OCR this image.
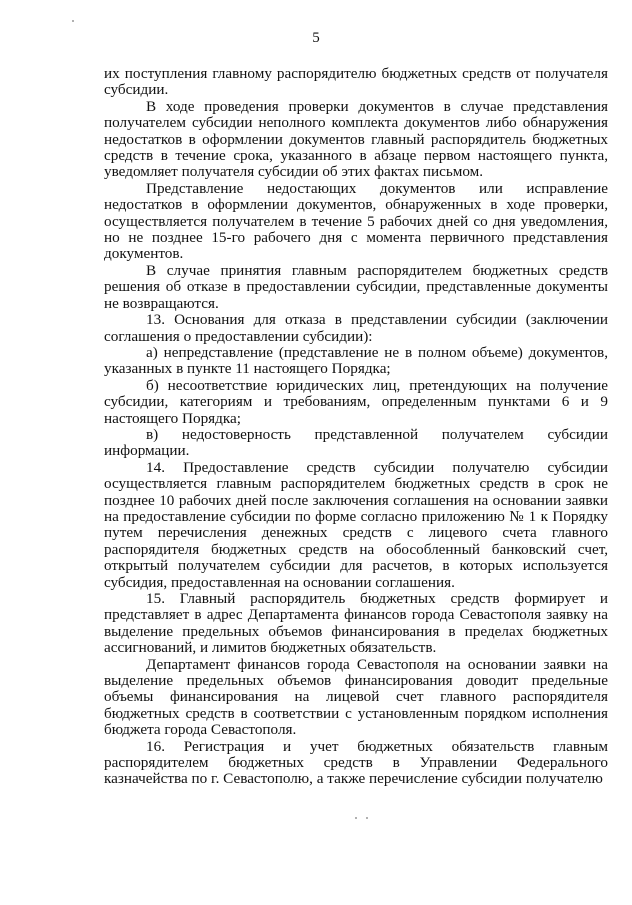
5

их поступления главному распорядителю бюджетных средств от получателя субсидии.

В ходе проведения проверки документов в случае представления получателем субсидии неполного комплекта документов либо обнаружения недостатков в оформлении документов главный распорядитель бюджетных средств в течение срока, указанного в абзаце первом настоящего пункта, уведомляет получателя субсидии об этих фактах письмом.

Представление недостающих документов или исправление недостатков в оформлении документов, обнаруженных в ходе проверки, осуществляется получателем в течение 5 рабочих дней со дня уведомления, но не позднее 15-го рабочего дня с момента первичного представления документов.

В случае принятия главным распорядителем бюджетных средств решения об отказе в предоставлении субсидии, представленные документы не возвращаются.

13. Основания для отказа в представлении субсидии (заключении соглашения о предоставлении субсидии):

а) непредставление (представление не в полном объеме) документов, указанных в пункте 11 настоящего Порядка;

б) несоответствие юридических лиц, претендующих на получение субсидии, категориям и требованиям, определенным пунктами 6 и 9 настоящего Порядка;

в) недостоверность представленной получателем субсидии информации.

14. Предоставление средств субсидии получателю субсидии осуществляется главным распорядителем бюджетных средств в срок не позднее 10 рабочих дней после заключения соглашения на основании заявки на предоставление субсидии по форме согласно приложению № 1 к Порядку путем перечисления денежных средств с лицевого счета главного распорядителя бюджетных средств на обособленный банковский счет, открытый получателем субсидии для расчетов, в которых используется субсидия, предоставленная на основании соглашения.

15. Главный распорядитель бюджетных средств формирует и представляет в адрес Департамента финансов города Севастополя заявку на выделение предельных объемов финансирования в пределах бюджетных ассигнований, и лимитов бюджетных обязательств.

Департамент финансов города Севастополя на основании заявки на выделение предельных объемов финансирования доводит предельные объемы финансирования на лицевой счет главного распорядителя бюджетных средств в соответствии с установленным порядком исполнения бюджета города Севастополя.

16. Регистрация и учет бюджетных обязательств главным распорядителем бюджетных средств в Управлении Федерального казначейства по г. Севастополю, а также перечисление субсидии получателю
